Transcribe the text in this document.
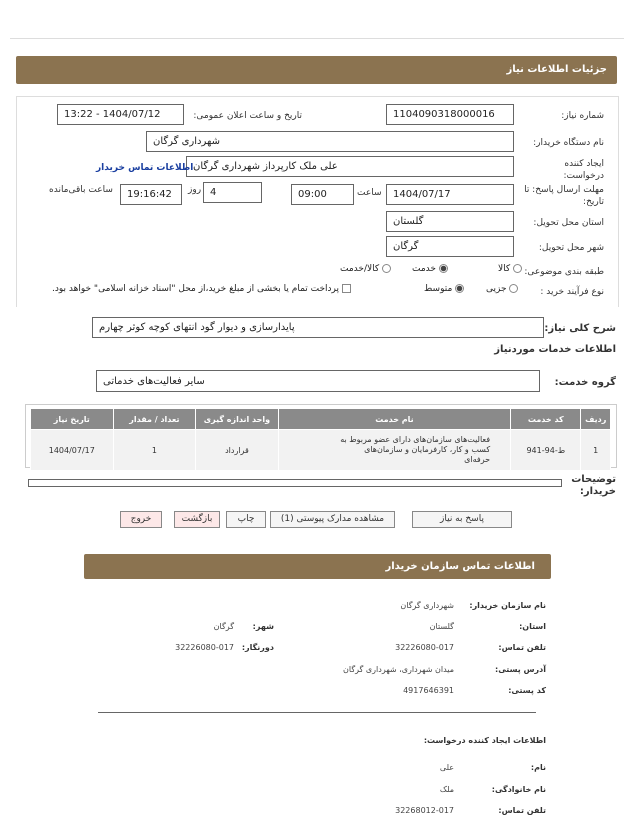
جزئیات اطلاعات نیاز
شماره نیاز:
1104090318000016
تاریخ و ساعت اعلان عمومی:
1404/07/12 - 13:22
نام دستگاه خریدار:
شهرداری گرگان
ایجاد کننده درخواست:
علی ملک کارپرداز شهرداری گرگان
اطلاعات تماس خریدار
مهلت ارسال پاسخ: تا تاریخ:
1404/07/17
ساعت
09:00
4
روز
19:16:42
ساعت باقی‌مانده
استان محل تحویل:
گلستان
شهر محل تحویل:
گرگان
طبقه بندی موضوعی:
کالا
خدمت
کالا/خدمت
نوع فرآیند خرید :
جزیی
متوسط
پرداخت تمام یا بخشی از مبلغ خرید،از محل "اسناد خزانه اسلامی" خواهد بود.
شرح کلی نیاز:
پایدارسازی و دیوار گود انتهای کوچه کوثر چهارم
اطلاعات خدمات موردنیاز
گروه خدمت:
سایر فعالیت‌های خدماتی
ردیف	کد خدمت	نام خدمت	واحد اندازه گیری	تعداد / مقدار	تاریخ نیاز
1	ط-94-941	فعالیت‌های سازمان‌های دارای عضو مربوط به کسب و کار، کارفرمایان و سازمان‌های حرفه‌ای	قرارداد	1	1404/07/17
توضیحات خریدار:
پاسخ به نیاز
مشاهده مدارک پیوستی (1)
چاپ
بازگشت
خروج
اطلاعات تماس سازمان خریدار
نام سازمان خریدار:
شهرداری گرگان
استان:
گلستان
شهر:
گرگان
تلفن تماس:
32226080-017
دورنگار:
32226080-017
آدرس پستی:
میدان شهرداری، شهرداری گرگان
کد پستی:
4917646391
اطلاعات ایجاد کننده درخواست:
نام:
علی
نام خانوادگی:
ملک
تلفن تماس:
32268012-017
